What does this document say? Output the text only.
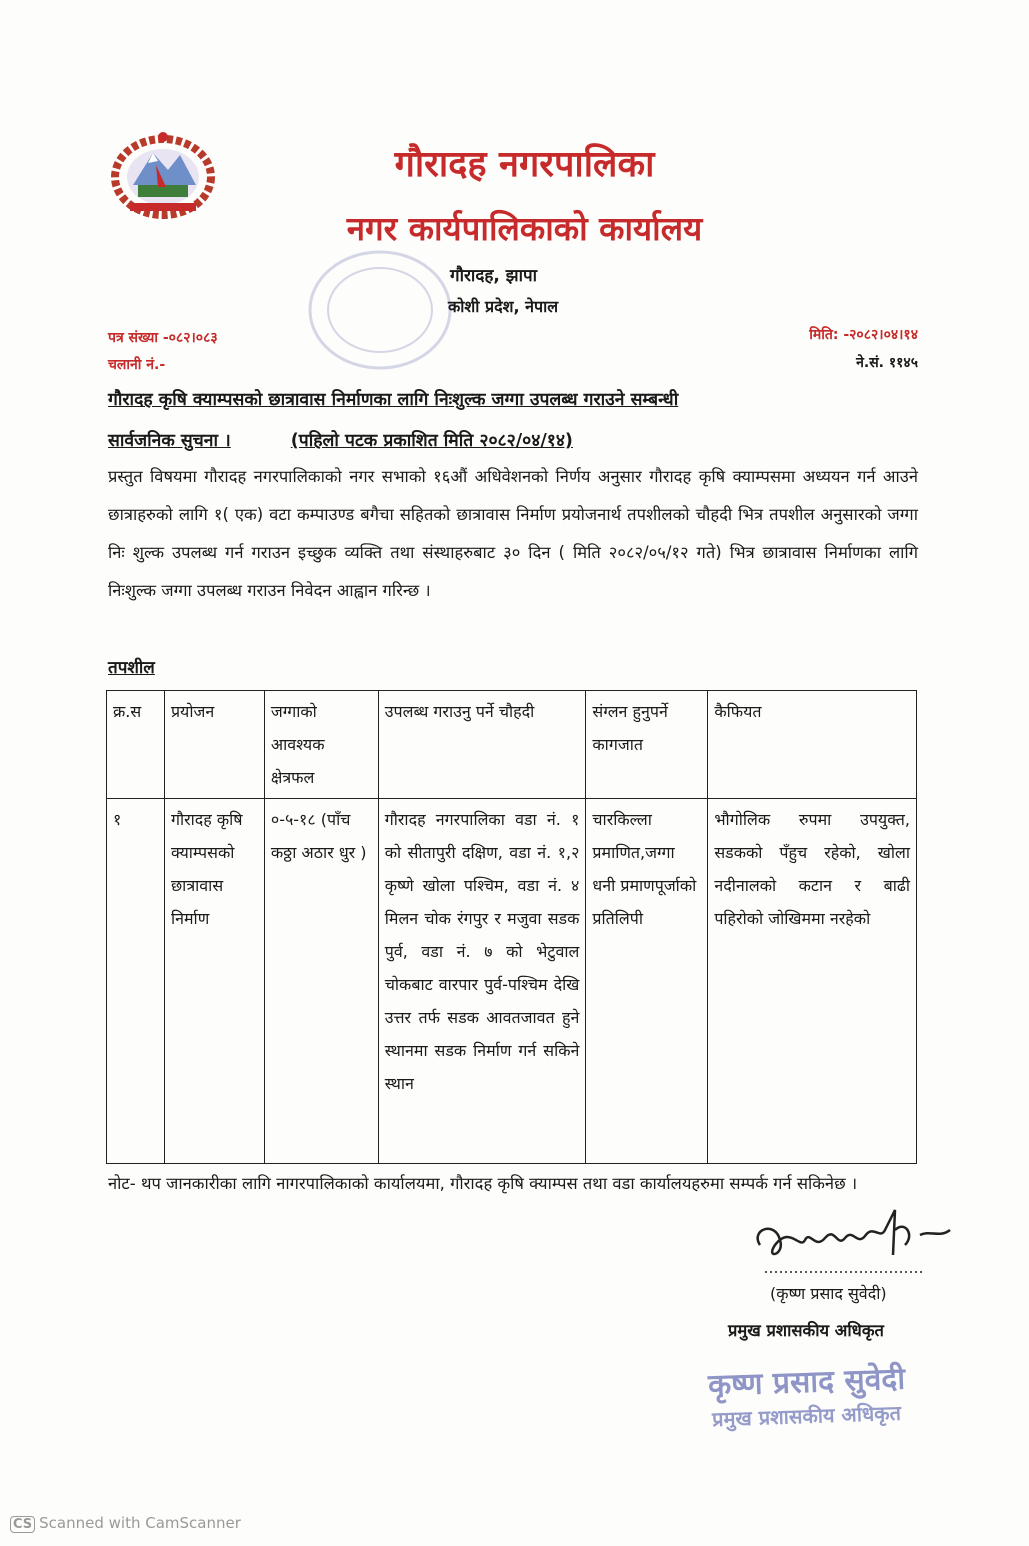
गौरादह नगरपालिका
नगर कार्यपालिकाको कार्यालय
गौरादह, झापा
कोशी प्रदेश, नेपाल
पत्र संख्या -०८२।०८३
चलानी नं.-
मिति: -२०८२।०४।१४
ने.सं. ११४५
गौरादह कृषि क्याम्पसको छात्रावास निर्माणका लागि निःशुल्क जग्गा उपलब्ध गराउने सम्बन्धी
सार्वजनिक सुचना ।	(पहिलो पटक प्रकाशित मिति २०८२/०४/१४)
प्रस्तुत विषयमा गौरादह नगरपालिकाको नगर सभाको १६औं अधिवेशनको निर्णय अनुसार गौरादह कृषि क्याम्पसमा अध्ययन गर्न आउने छात्राहरुको लागि १( एक) वटा कम्पाउण्ड बगैचा सहितको छात्रावास निर्माण प्रयोजनार्थ तपशीलको चौहदी भित्र तपशील अनुसारको जग्गा निः शुल्क उपलब्ध गर्न गराउन इच्छुक व्यक्ति तथा संस्थाहरुबाट ३० दिन ( मिति २०८२/०५/१२ गते) भित्र छात्रावास निर्माणका लागि निःशुल्क जग्गा उपलब्ध गराउन निवेदन आह्वान गरिन्छ ।
तपशील
क्र.स	प्रयोजन	जग्गाको आवश्यक क्षेत्रफल	उपलब्ध गराउनु पर्ने चौहदी	संग्लन हुनुपर्ने कागजात	कैफियत
१	गौरादह कृषि क्याम्पसको छात्रावास निर्माण	०-५-१८ (पाँच कठ्ठा अठार धुर )	गौरादह नगरपालिका वडा नं. १ को सीतापुरी दक्षिण, वडा नं. १,२ कृष्णे खोला पश्चिम, वडा नं. ४ मिलन चोक रंगपुर र मजुवा सडक पुर्व, वडा नं. ७ को भेटुवाल चोकबाट वारपार पुर्व-पश्चिम देखि उत्तर तर्फ सडक आवतजावत हुने स्थानमा सडक निर्माण गर्न सकिने स्थान	चारकिल्ला प्रमाणित,जग्गा धनी प्रमाणपूर्जाको प्रतिलिपी	भौगोलिक रुपमा उपयुक्त, सडकको पँहुच रहेको, खोला नदीनालको कटान र बाढी पहिरोको जोखिममा नरहेको
नोट- थप जानकारीका लागि नागरपालिकाको कार्यालयमा, गौरादह कृषि क्याम्पस तथा वडा कार्यालयहरुमा सम्पर्क गर्न सकिनेछ ।
(कृष्ण प्रसाद सुवेदी)
प्रमुख प्रशासकीय अधिकृत
कृष्ण प्रसाद सुवेदी
प्रमुख प्रशासकीय अधिकृत
CS Scanned with CamScanner
